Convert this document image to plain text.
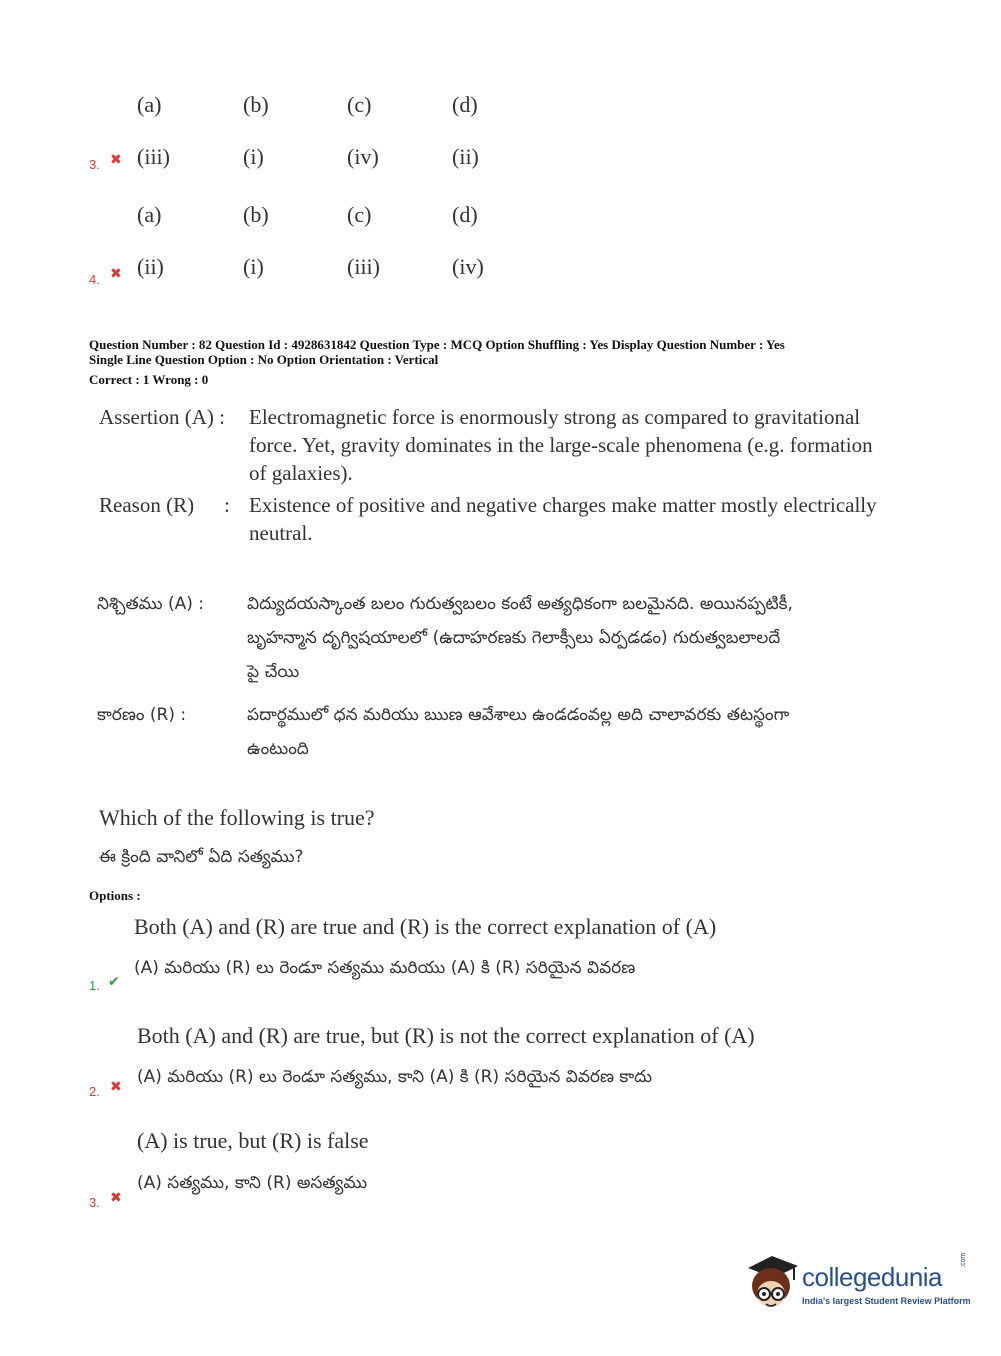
(a)	(b)	(c)	(d)
3. ✖ (iii)	(i)	(iv)	(ii)
(a)	(b)	(c)	(d)
4. ✖ (ii)	(i)	(iii)	(iv)
Question Number : 82 Question Id : 4928631842 Question Type : MCQ Option Shuffling : Yes Display Question Number : Yes
Single Line Question Option : No Option Orientation : Vertical
Correct : 1 Wrong : 0
Assertion (A) : Electromagnetic force is enormously strong as compared to gravitational
force. Yet, gravity dominates in the large-scale phenomena (e.g. formation
of galaxies).
Reason (R) : Existence of positive and negative charges make matter mostly electrically
neutral.
నిశ్చితము (A) :	విద్యుదయస్కాంత బలం గురుత్వబలం కంటే అత్యధికంగా బలమైనది. అయినప్పటికీ,
బృహన్మాన దృగ్విషయాలలో (ఉదాహరణకు గెలాక్సీలు ఏర్పడడం) గురుత్వబలాలదే
పై చేయి
కారణం (R) :	పదార్థములో ధన మరియు ఋణ ఆవేశాలు ఉండడంవల్ల అది చాలావరకు తటస్థంగా
ఉంటుంది
Which of the following is true?
ఈ క్రింది వానిలో ఏది సత్యము?
Options :
Both (A) and (R) are true and (R) is the correct explanation of (A)
(A) మరియు (R) లు రెండూ సత్యము మరియు (A) కి (R) సరియైన వివరణ
1. ✔
Both (A) and (R) are true, but (R) is not the correct explanation of (A)
(A) మరియు (R) లు రెండూ సత్యము, కాని (A) కి (R) సరియైన వివరణ కాదు
2. ✖
(A) is true, but (R) is false
(A) సత్యము, కాని (R) అసత్యము
3. ✖
collegedunia
.com
India's largest Student Review Platform
